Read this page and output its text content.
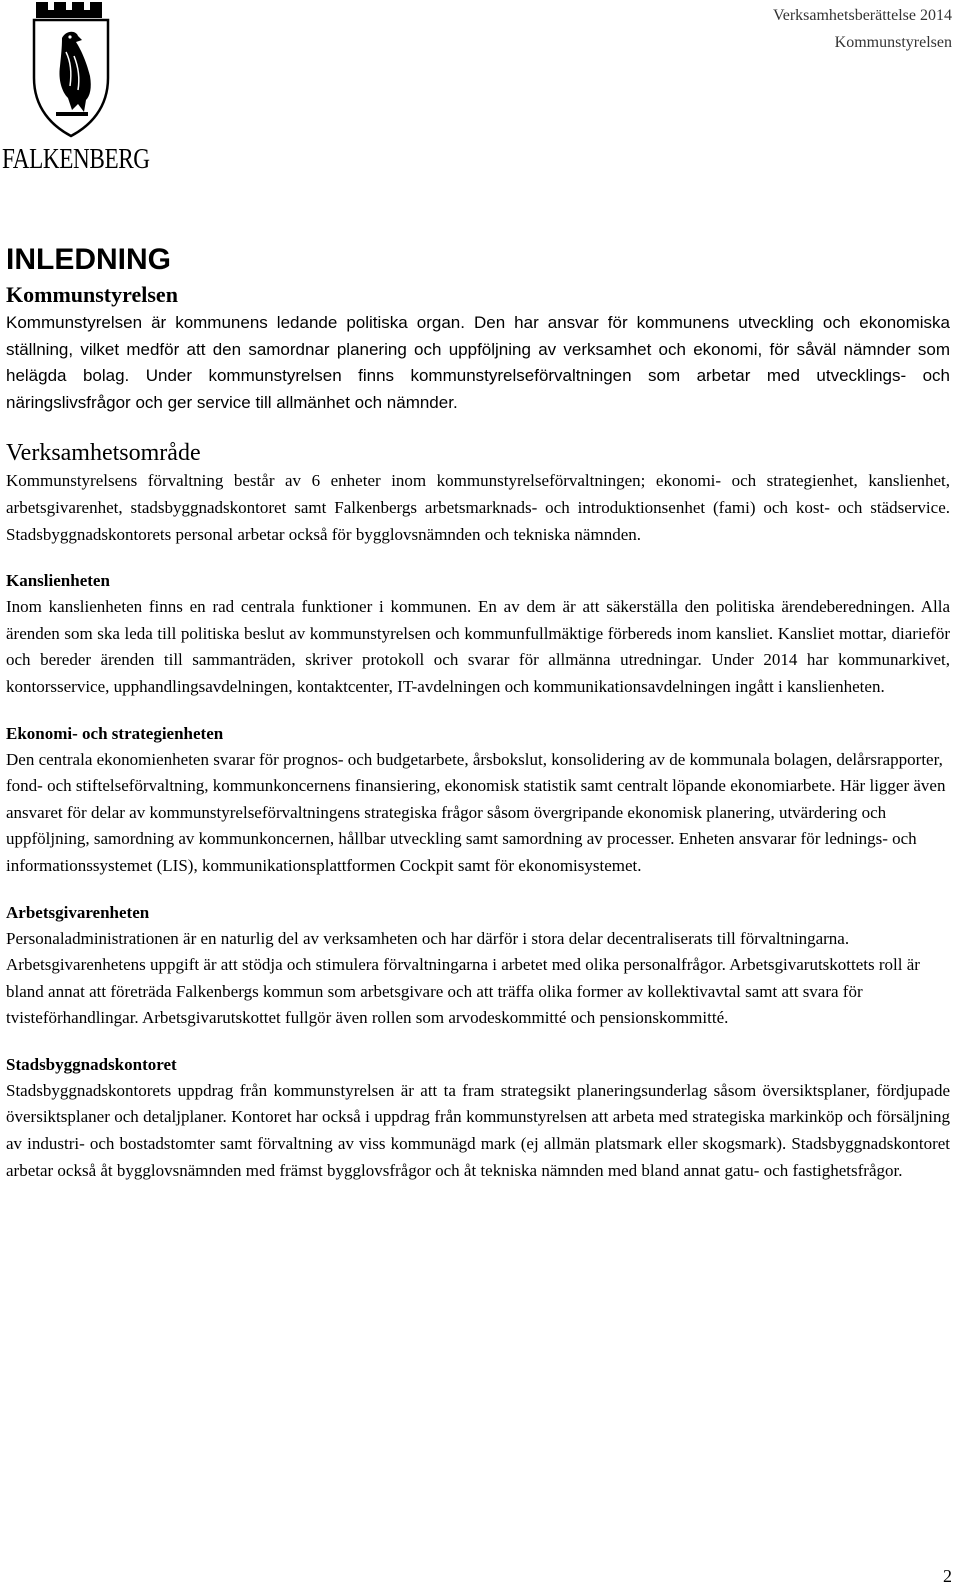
FALKENBERG
Verksamhetsberättelse 2014
Kommunstyrelsen
INLEDNING
Kommunstyrelsen

Kommunstyrelsen är kommunens ledande politiska organ. Den har ansvar för kommunens utveckling och ekonomiska ställning, vilket medför att den samordnar planering och uppföljning av verksamhet och ekonomi, för såväl nämnder som helägda bolag. Under kommunstyrelsen finns kommunstyrelseförvaltningen som arbetar med utvecklings- och näringslivsfrågor och ger service till allmänhet och nämnder.

Verksamhetsområde

Kommunstyrelsens förvaltning består av 6 enheter inom kommunstyrelseförvaltningen; ekonomi- och strategienhet, kanslienhet, arbetsgivarenhet, stadsbyggnadskontoret samt Falkenbergs arbetsmarknads- och introduktionsenhet (fami) och kost- och städservice. Stadsbyggnadskontorets personal arbetar också för bygglovsnämnden och tekniska nämnden.

Kanslienheten

Inom kanslienheten finns en rad centrala funktioner i kommunen. En av dem är att säkerställa den politiska ärendeberedningen. Alla ärenden som ska leda till politiska beslut av kommunstyrelsen och kommunfullmäktige förbereds inom kansliet. Kansliet mottar, diarieför och bereder ärenden till sammanträden, skriver protokoll och svarar för allmänna utredningar. Under 2014 har kommunarkivet, kontorsservice, upphandlingsavdelningen, kontaktcenter, IT-avdelningen och kommunikationsavdelningen ingått i kanslienheten.

Ekonomi- och strategienheten

Den centrala ekonomienheten svarar för prognos- och budgetarbete, årsbokslut, konsolidering av de kommunala bolagen, delårsrapporter, fond- och stiftelseförvaltning, kommunkoncernens finansiering, ekonomisk statistik samt centralt löpande ekonomiarbete. Här ligger även ansvaret för delar av kommunstyrelseförvaltningens strategiska frågor såsom övergripande ekonomisk planering, utvärdering och uppföljning, samordning av kommunkoncernen, hållbar utveckling samt samordning av processer. Enheten ansvarar för lednings- och informationssystemet (LIS), kommunikationsplattformen Cockpit samt för ekonomisystemet.

Arbetsgivarenheten

Personaladministrationen är en naturlig del av verksamheten och har därför i stora delar decentraliserats till förvaltningarna. Arbetsgivarenhetens uppgift är att stödja och stimulera förvaltningarna i arbetet med olika personalfrågor. Arbetsgivarutskottets roll är bland annat att företräda Falkenbergs kommun som arbetsgivare och att träffa olika former av kollektivavtal samt att svara för tvisteförhandlingar. Arbetsgivarutskottet fullgör även rollen som arvodeskommitté och pensionskommitté.

Stadsbyggnadskontoret

Stadsbyggnadskontorets uppdrag från kommunstyrelsen är att ta fram strategsikt planeringsunderlag såsom översiktsplaner, fördjupade översiktsplaner och detaljplaner. Kontoret har också i uppdrag från kommunstyrelsen att arbeta med strategiska markinköp och försäljning av industri- och bostadstomter samt förvaltning av viss kommunägd mark (ej allmän platsmark eller skogsmark). Stadsbyggnadskontoret arbetar också åt bygglovsnämnden med främst bygglovsfrågor och åt tekniska nämnden med bland annat gatu- och fastighetsfrågor.

2
